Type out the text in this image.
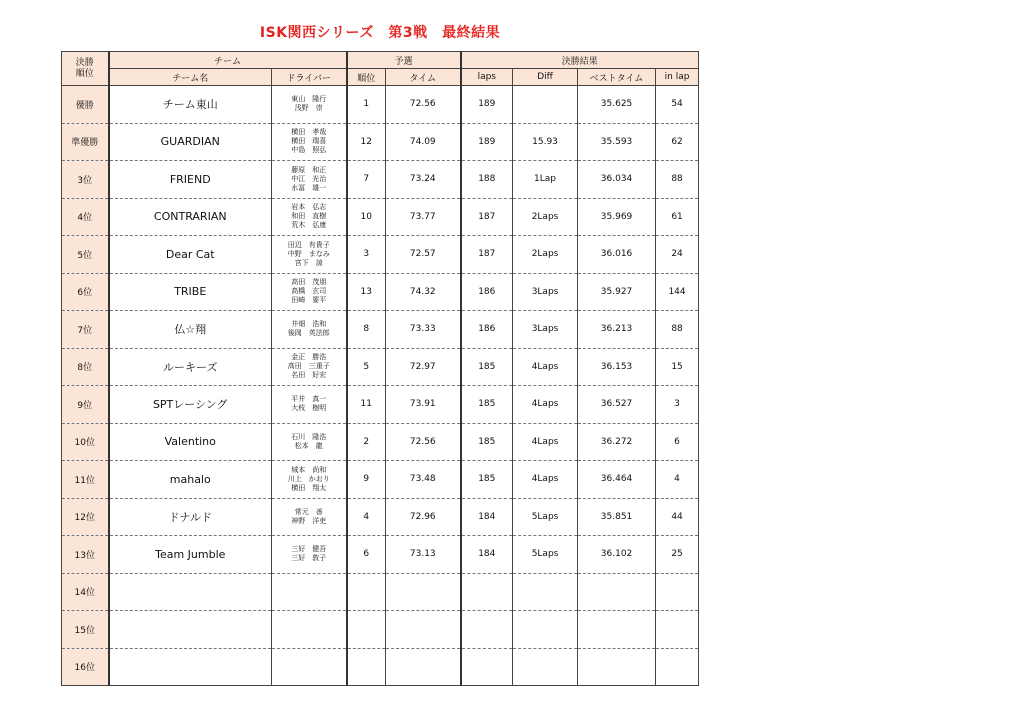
ISK関西シリーズ　第3戦　最終結果
決勝
順位	チーム		予選		決勝結果			
	チーム名	ドライバー	順位	タイム	laps	Diff	ベストタイム	in lap
優勝	チーム東山	東山　隆行
浅野　崇	1	72.56	189		35.625	54
準優勝	GUARDIAN	横田　孝哉
横田　瑞喜
中島　照弘	12	74.09	189	15.93	35.593	62
3位	FRIEND	藤原　和正
中江　光治
水冨　雄一	7	73.24	188	1Lap	36.034	88
4位	CONTRARIAN	岩本　弘志
和田　直樹
荒木　弘康	10	73.77	187	2Laps	35.969	61
5位	Dear Cat	田辺　有貴子
中野　まなみ
宮下　諒	3	72.57	187	2Laps	36.016	24
6位	TRIBE	高田　茂朋
高橋　玄司
田崎　要平	13	74.32	186	3Laps	35.927	144
7位	仏☆翔	井畑　浩和
後岡　英法郎	8	73.33	186	3Laps	36.213	88
8位	ルーキーズ	金正　勝浩
高田　三重子
名田　好宏	5	72.97	185	4Laps	36.153	15
9位	SPTレーシング	平井　真一
大枝　樹明	11	73.91	185	4Laps	36.527	3
10位	Valentino	石川　隆浩
松本　龍	2	72.56	185	4Laps	36.272	6
11位	mahalo	城本　尚和
川上　かおり
横田　翔太	9	73.48	185	4Laps	36.464	4
12位	ドナルド	常元　善
神野　洋吏	4	72.96	184	5Laps	35.851	44
13位	Team Jumble	三好　健吾
三好　敦子	6	73.13	184	5Laps	36.102	25
14位								
15位								
16位								
